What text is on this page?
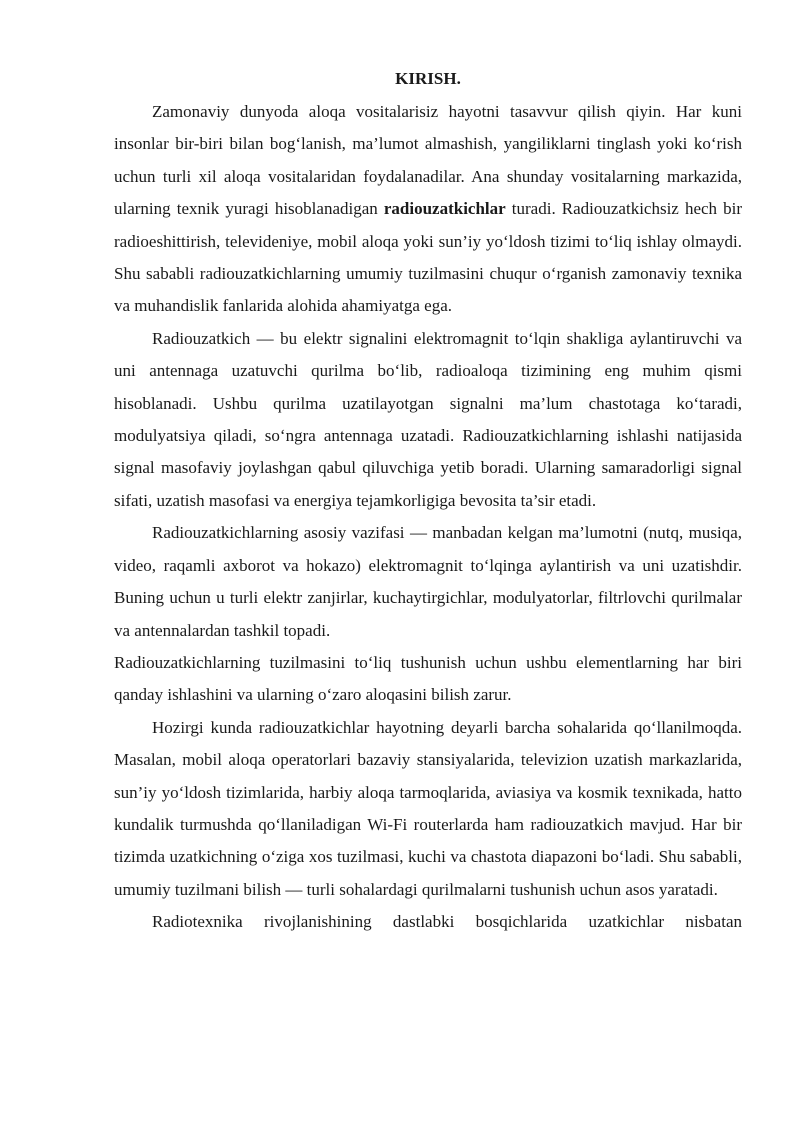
KIRISH.

Zamonaviy dunyoda aloqa vositalarisiz hayotni tasavvur qilish qiyin. Har kuni insonlar bir-biri bilan bog‘lanish, ma’lumot almashish, yangiliklarni tinglash yoki ko‘rish uchun turli xil aloqa vositalaridan foydalanadilar. Ana shunday vositalarning markazida, ularning texnik yuragi hisoblanadigan radiouzatkichlar turadi. Radiouzatkichsiz hech bir radioeshittirish, televideniye, mobil aloqa yoki sun’iy yo‘ldosh tizimi to‘liq ishlay olmaydi. Shu sababli radiouzatkichlarning umumiy tuzilmasini chuqur o‘rganish zamonaviy texnika va muhandislik fanlarida alohida ahamiyatga ega.

Radiouzatkich — bu elektr signalini elektromagnit to‘lqin shakliga aylantiruvchi va uni antennaga uzatuvchi qurilma bo‘lib, radioaloqa tizimining eng muhim qismi hisoblanadi. Ushbu qurilma uzatilayotgan signalni ma’lum chastotaga ko‘taradi, modulyatsiya qiladi, so‘ngra antennaga uzatadi. Radiouzatkichlarning ishlashi natijasida signal masofaviy joylashgan qabul qiluvchiga yetib boradi. Ularning samaradorligi signal sifati, uzatish masofasi va energiya tejamkorligiga bevosita ta’sir etadi.

Radiouzatkichlarning asosiy vazifasi — manbadan kelgan ma’lumotni (nutq, musiqa, video, raqamli axborot va hokazo) elektromagnit to‘lqinga aylantirish va uni uzatishdir. Buning uchun u turli elektr zanjirlar, kuchaytirgichlar, modulyatorlar, filtrlovchi qurilmalar va antennalardan tashkil topadi.

Radiouzatkichlarning tuzilmasini to‘liq tushunish uchun ushbu elementlarning har biri qanday ishlashini va ularning o‘zaro aloqasini bilish zarur.

Hozirgi kunda radiouzatkichlar hayotning deyarli barcha sohalarida qo‘llanilmoqda. Masalan, mobil aloqa operatorlari bazaviy stansiyalarida, televizion uzatish markazlarida, sun’iy yo‘ldosh tizimlarida, harbiy aloqa tarmoqlarida, aviasiya va kosmik texnikada, hatto kundalik turmushda qo‘llaniladigan Wi-Fi routerlarda ham radiouzatkich mavjud. Har bir tizimda uzatkichning o‘ziga xos tuzilmasi, kuchi va chastota diapazoni bo‘ladi. Shu sababli, umumiy tuzilmani bilish — turli sohalardagi qurilmalarni tushunish uchun asos yaratadi.

Radiotexnika rivojlanishining dastlabki bosqichlarida uzatkichlar nisbatan
